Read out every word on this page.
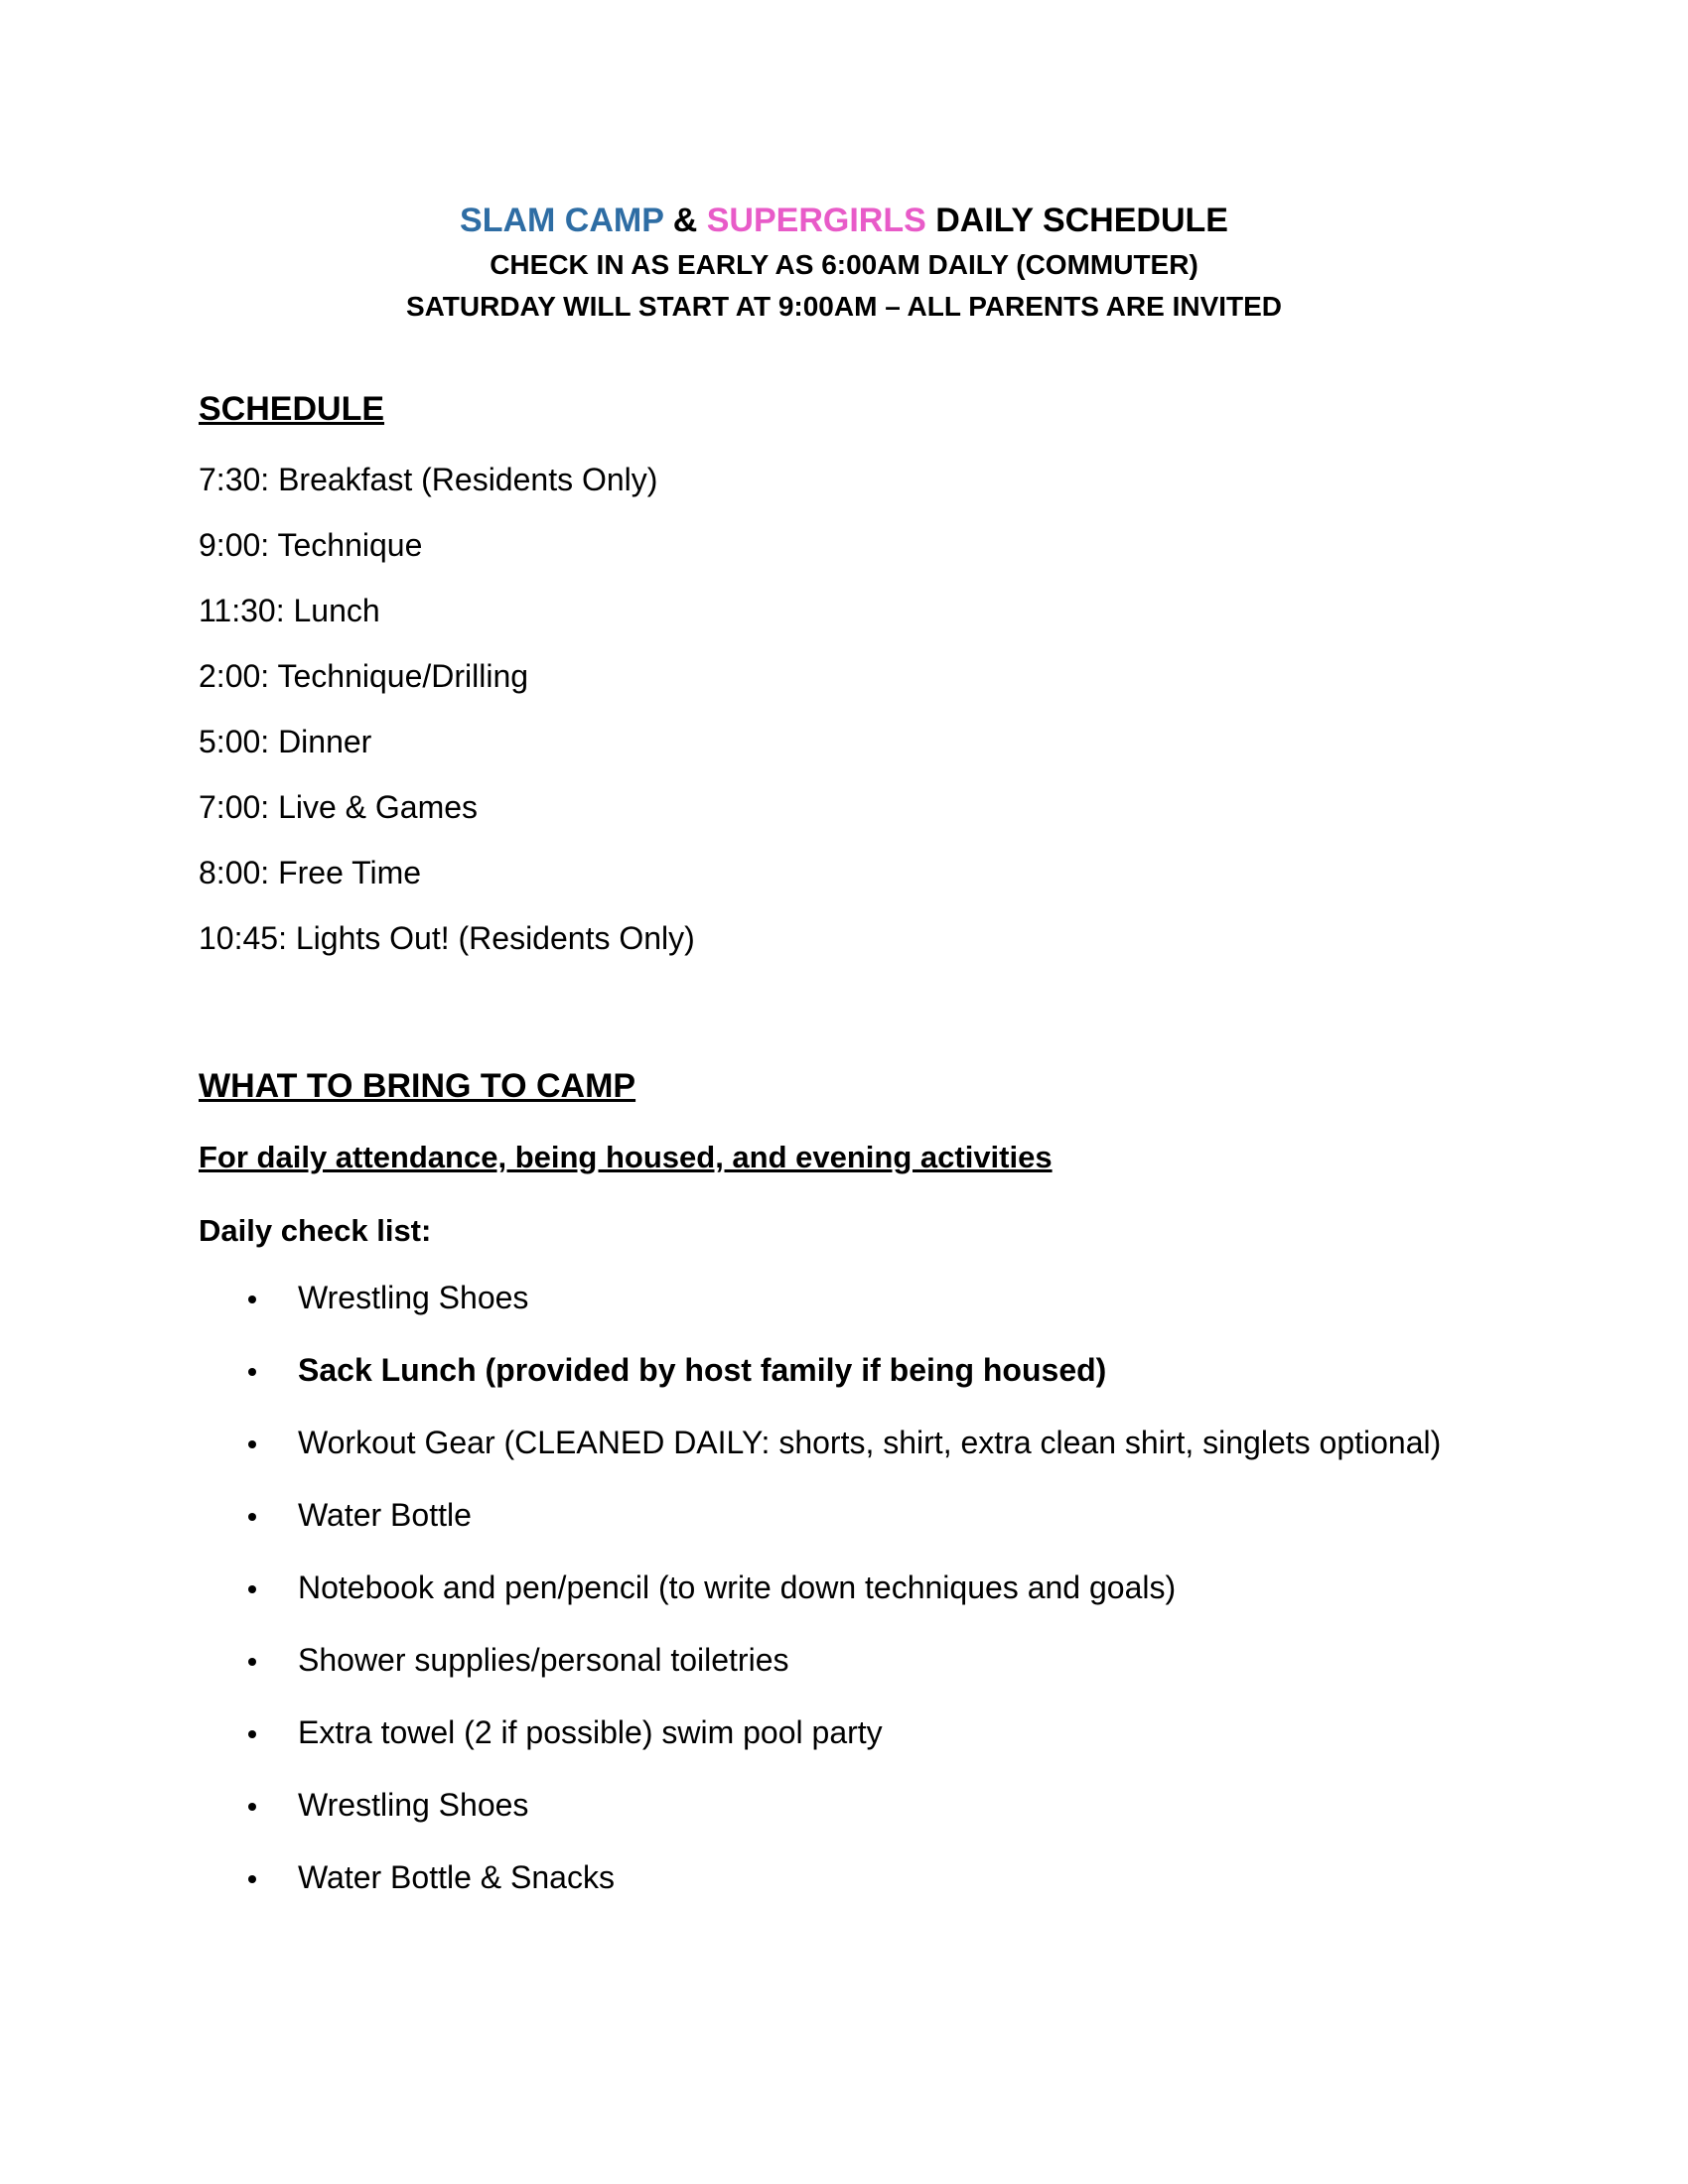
SLAM CAMP & SUPERGIRLS DAILY SCHEDULE

CHECK IN AS EARLY AS 6:00AM DAILY (COMMUTER)

SATURDAY WILL START AT 9:00AM – ALL PARENTS ARE INVITED

SCHEDULE

7:30: Breakfast (Residents Only)
9:00: Technique
11:30: Lunch
2:00: Technique/Drilling
5:00: Dinner
7:00: Live & Games
8:00: Free Time
10:45: Lights Out! (Residents Only)

WHAT TO BRING TO CAMP

For daily attendance, being housed, and evening activities

Daily check list:

Wrestling Shoes
Sack Lunch (provided by host family if being housed)
Workout Gear (CLEANED DAILY: shorts, shirt, extra clean shirt, singlets optional)
Water Bottle
Notebook and pen/pencil (to write down techniques and goals)
Shower supplies/personal toiletries
Extra towel (2 if possible) swim pool party
Wrestling Shoes
Water Bottle & Snacks
